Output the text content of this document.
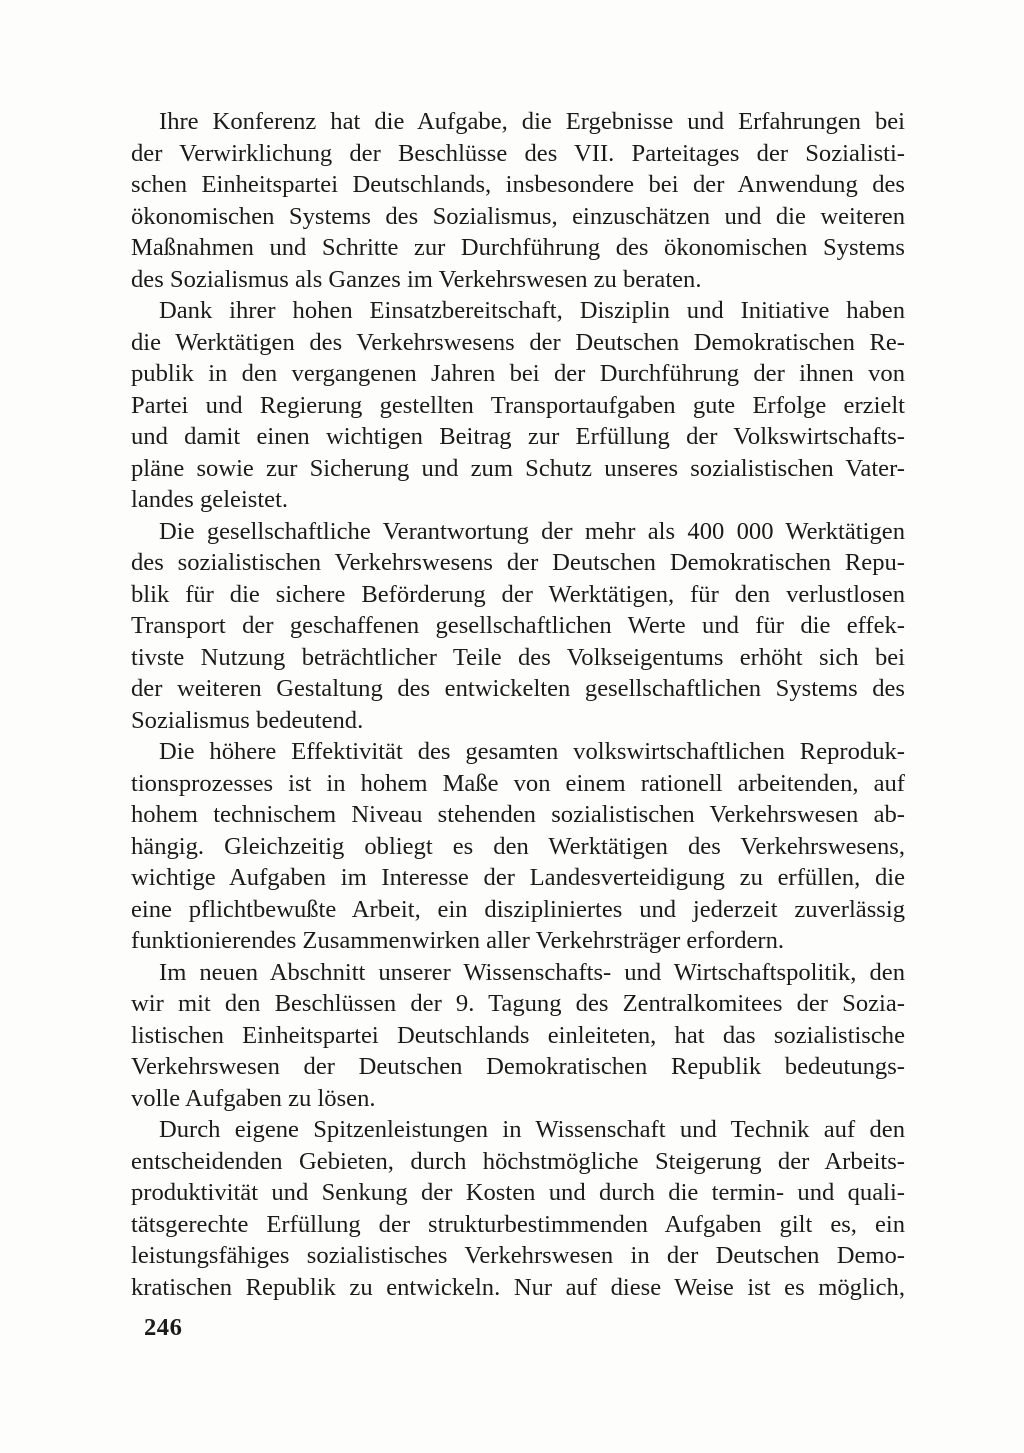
Ihre Konferenz hat die Aufgabe, die Ergebnisse und Erfahrungen bei
der Verwirklichung der Beschlüsse des VII. Parteitages der Sozialisti-
schen Einheitspartei Deutschlands, insbesondere bei der Anwendung des
ökonomischen Systems des Sozialismus, einzuschätzen und die weiteren
Maßnahmen und Schritte zur Durchführung des ökonomischen Systems
des Sozialismus als Ganzes im Verkehrswesen zu beraten.
Dank ihrer hohen Einsatzbereitschaft, Disziplin und Initiative haben
die Werktätigen des Verkehrswesens der Deutschen Demokratischen Re-
publik in den vergangenen Jahren bei der Durchführung der ihnen von
Partei und Regierung gestellten Transportaufgaben gute Erfolge erzielt
und damit einen wichtigen Beitrag zur Erfüllung der Volkswirtschafts-
pläne sowie zur Sicherung und zum Schutz unseres sozialistischen Vater-
landes geleistet.
Die gesellschaftliche Verantwortung der mehr als 400 000 Werktätigen
des sozialistischen Verkehrswesens der Deutschen Demokratischen Repu-
blik für die sichere Beförderung der Werktätigen, für den verlustlosen
Transport der geschaffenen gesellschaftlichen Werte und für die effek-
tivste Nutzung beträchtlicher Teile des Volkseigentums erhöht sich bei
der weiteren Gestaltung des entwickelten gesellschaftlichen Systems des
Sozialismus bedeutend.
Die höhere Effektivität des gesamten volkswirtschaftlichen Reproduk-
tionsprozesses ist in hohem Maße von einem rationell arbeitenden, auf
hohem technischem Niveau stehenden sozialistischen Verkehrswesen ab-
hängig. Gleichzeitig obliegt es den Werktätigen des Verkehrswesens,
wichtige Aufgaben im Interesse der Landesverteidigung zu erfüllen, die
eine pflichtbewußte Arbeit, ein diszipliniertes und jederzeit zuverlässig
funktionierendes Zusammenwirken aller Verkehrsträger erfordern.
Im neuen Abschnitt unserer Wissenschafts- und Wirtschaftspolitik, den
wir mit den Beschlüssen der 9. Tagung des Zentralkomitees der Sozia-
listischen Einheitspartei Deutschlands einleiteten, hat das sozialistische
Verkehrswesen der Deutschen Demokratischen Republik bedeutungs-
volle Aufgaben zu lösen.
Durch eigene Spitzenleistungen in Wissenschaft und Technik auf den
entscheidenden Gebieten, durch höchstmögliche Steigerung der Arbeits-
produktivität und Senkung der Kosten und durch die termin- und quali-
tätsgerechte Erfüllung der strukturbestimmenden Aufgaben gilt es, ein
leistungsfähiges sozialistisches Verkehrswesen in der Deutschen Demo-
kratischen Republik zu entwickeln. Nur auf diese Weise ist es möglich,
246
